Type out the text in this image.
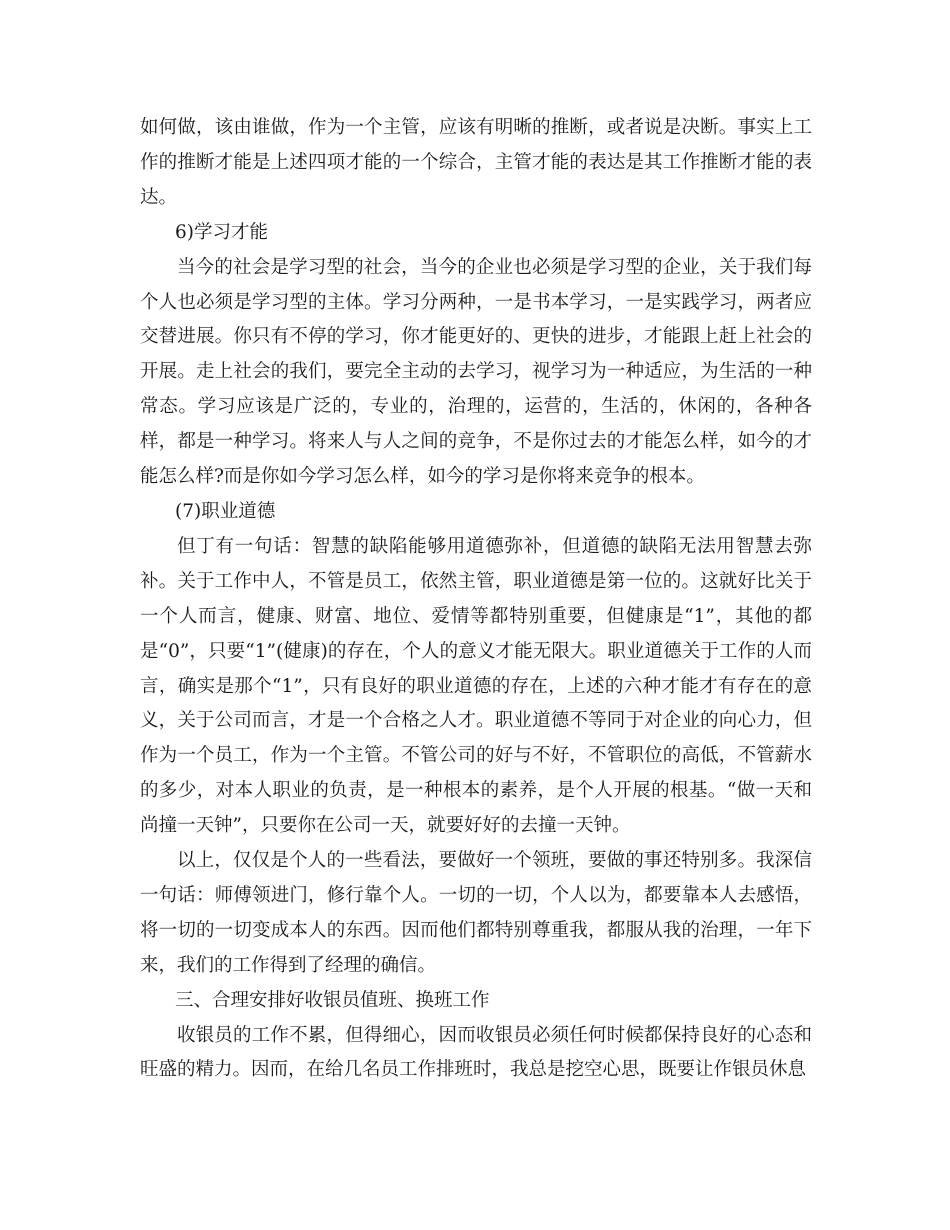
如何做，该由谁做，作为一个主管，应该有明晰的推断，或者说是决断。事实上工作的推断才能是上述四项才能的一个综合，主管才能的表达是其工作推断才能的表达。

6)学习才能

当今的社会是学习型的社会，当今的企业也必须是学习型的企业，关于我们每个人也必须是学习型的主体。学习分两种，一是书本学习，一是实践学习，两者应交替进展。你只有不停的学习，你才能更好的、更快的进步，才能跟上赶上社会的开展。走上社会的我们，要完全主动的去学习，视学习为一种适应，为生活的一种常态。学习应该是广泛的，专业的，治理的，运营的，生活的，休闲的，各种各样，都是一种学习。将来人与人之间的竞争，不是你过去的才能怎么样，如今的才能怎么样?而是你如今学习怎么样，如今的学习是你将来竞争的根本。

(7)职业道德

但丁有一句话：智慧的缺陷能够用道德弥补，但道德的缺陷无法用智慧去弥补。关于工作中人，不管是员工，依然主管，职业道德是第一位的。这就好比关于一个人而言，健康、财富、地位、爱情等都特别重要，但健康是“1”，其他的都是“0”，只要“1”(健康)的存在，个人的意义才能无限大。职业道德关于工作的人而言，确实是那个“1”，只有良好的职业道德的存在，上述的六种才能才有存在的意义，关于公司而言，才是一个合格之人才。职业道德不等同于对企业的向心力，但作为一个员工，作为一个主管。不管公司的好与不好，不管职位的高低，不管薪水的多少，对本人职业的负责，是一种根本的素养，是个人开展的根基。“做一天和尚撞一天钟”，只要你在公司一天，就要好好的去撞一天钟。

以上，仅仅是个人的一些看法，要做好一个领班，要做的事还特别多。我深信一句话：师傅领进门，修行靠个人。一切的一切，个人以为，都要靠本人去感悟，将一切的一切变成本人的东西。因而他们都特别尊重我，都服从我的治理，一年下来，我们的工作得到了经理的确信。

三、合理安排好收银员值班、换班工作

收银员的工作不累，但得细心，因而收银员必须任何时候都保持良好的心态和旺盛的精力。因而，在给几名员工作排班时，我总是挖空心思，既要让作银员休息
